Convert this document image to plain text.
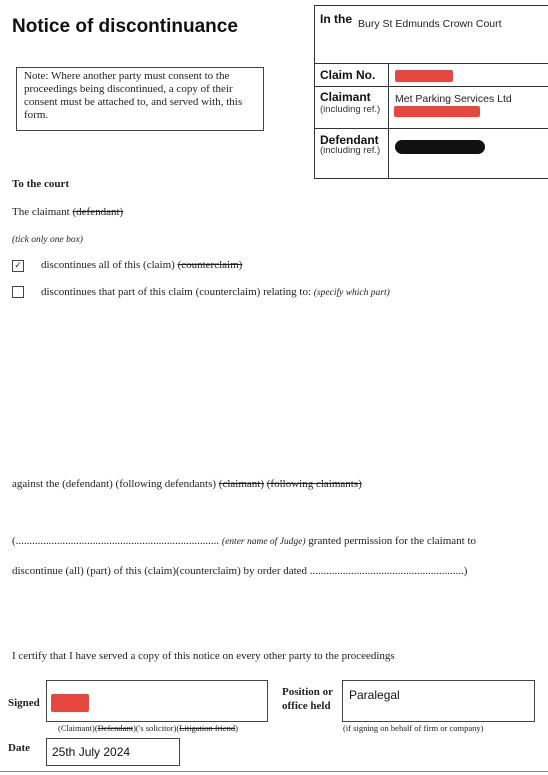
Notice of discontinuance
Note: Where another party must consent to the proceedings being discontinued, a copy of their consent must be attached to, and served with, this form.
In the Bury St Edmunds Crown Court
Claim No.
Claimant
(including ref.)
Met Parking Services Ltd
Defendant
(including ref.)
To the court
The claimant (defendant)
(tick only one box)
✓ discontinues all of this (claim) (counterclaim)
discontinues that part of this claim (counterclaim) relating to: (specify which part)
against the (defendant) (following defendants) (claimant) (following claimants)
(.......................................................................... (enter name of Judge) granted permission for the claimant to
discontinue (all) (part) of this (claim)(counterclaim) by order dated ........................................................)
I certify that I have served a copy of this notice on every other party to the proceedings
Signed
(Claimant)(Defendant)('s solicitor)(Litigation friend)
Position or
office held
Paralegal
(if signing on behalf of firm or company)
Date 25th July 2024
